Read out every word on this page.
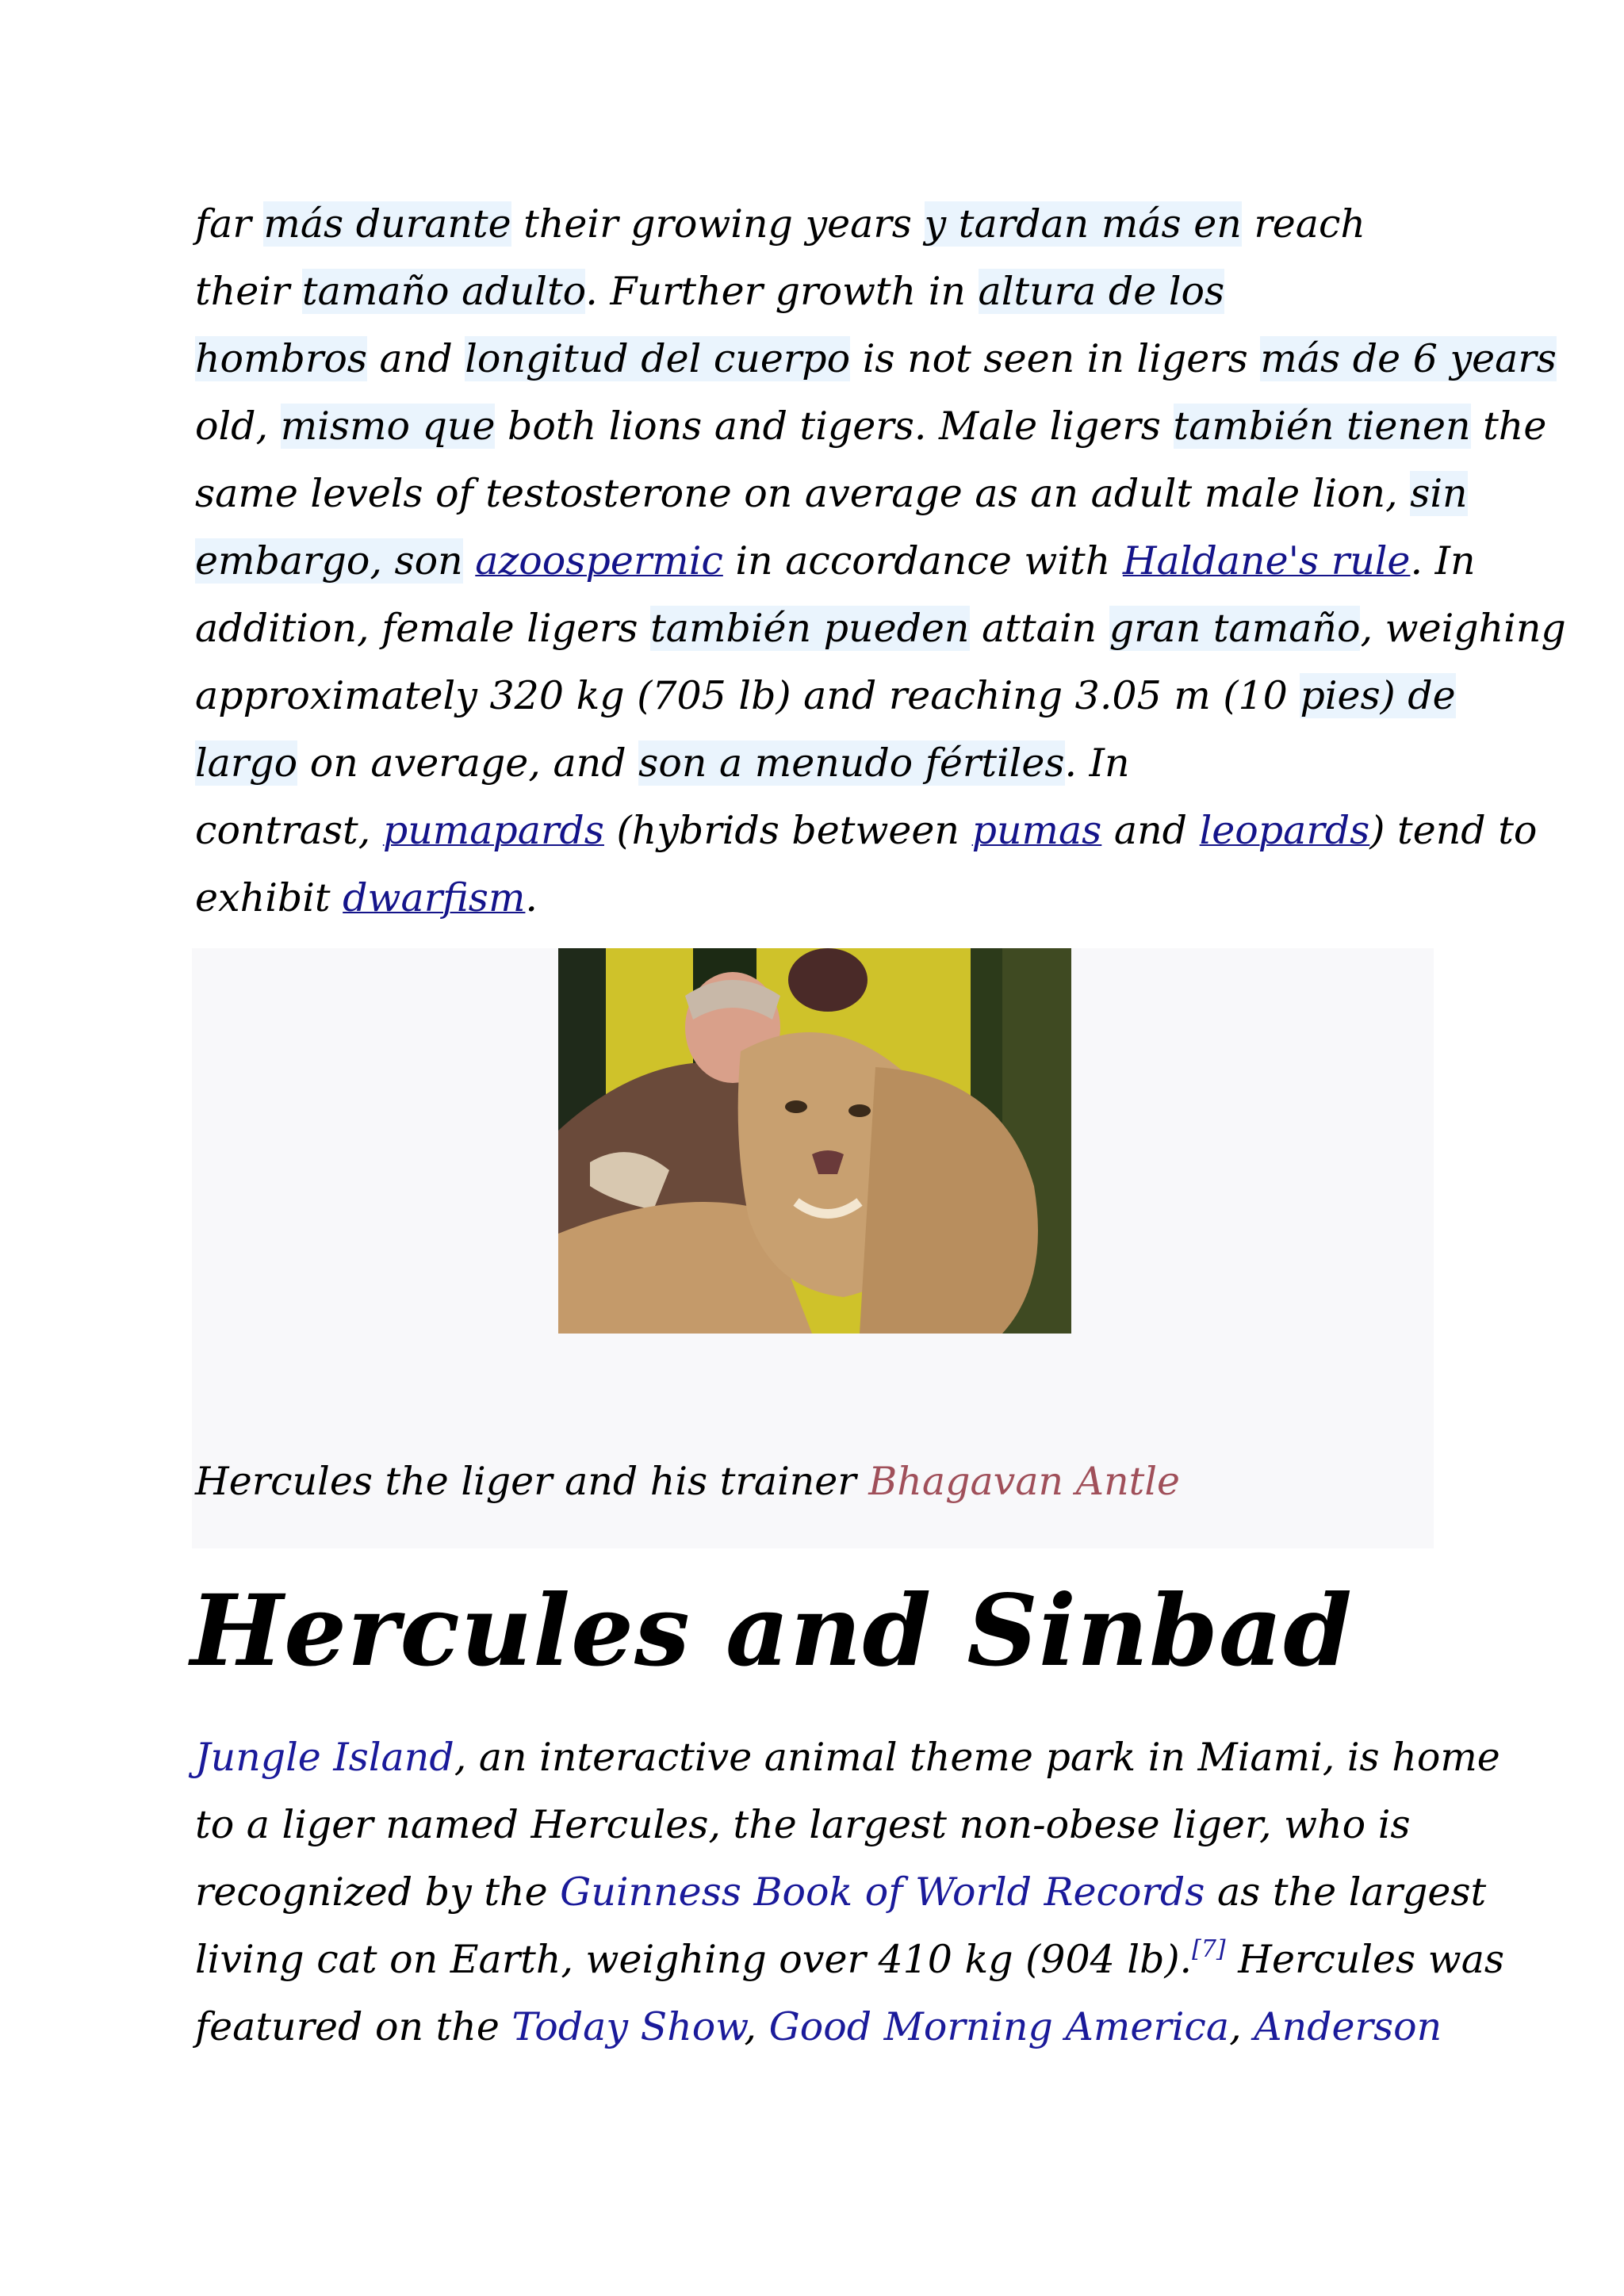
far más durante their growing years y tardan más en reach
their tamaño adulto. Further growth in altura de los
hombros and longitud del cuerpo is not seen in ligers más de 6 years
old, mismo que both lions and tigers. Male ligers también tienen the
same levels of testosterone on average as an adult male lion, sin
embargo, son azoospermic in accordance with Haldane's rule. In
addition, female ligers también pueden attain gran tamaño, weighing
approximately 320 kg (705 lb) and reaching 3.05 m (10 pies) de
largo on average, and son a menudo fértiles. In
contrast, pumapards (hybrids between pumas and leopards) tend to
exhibit dwarfism.
Hercules the liger and his trainer Bhagavan Antle
Hercules and Sinbad
Jungle Island, an interactive animal theme park in Miami, is home
to a liger named Hercules, the largest non-obese liger, who is
recognized by the Guinness Book of World Records as the largest
living cat on Earth, weighing over 410 kg (904 lb).[7] Hercules was
featured on the Today Show, Good Morning America, Anderson
